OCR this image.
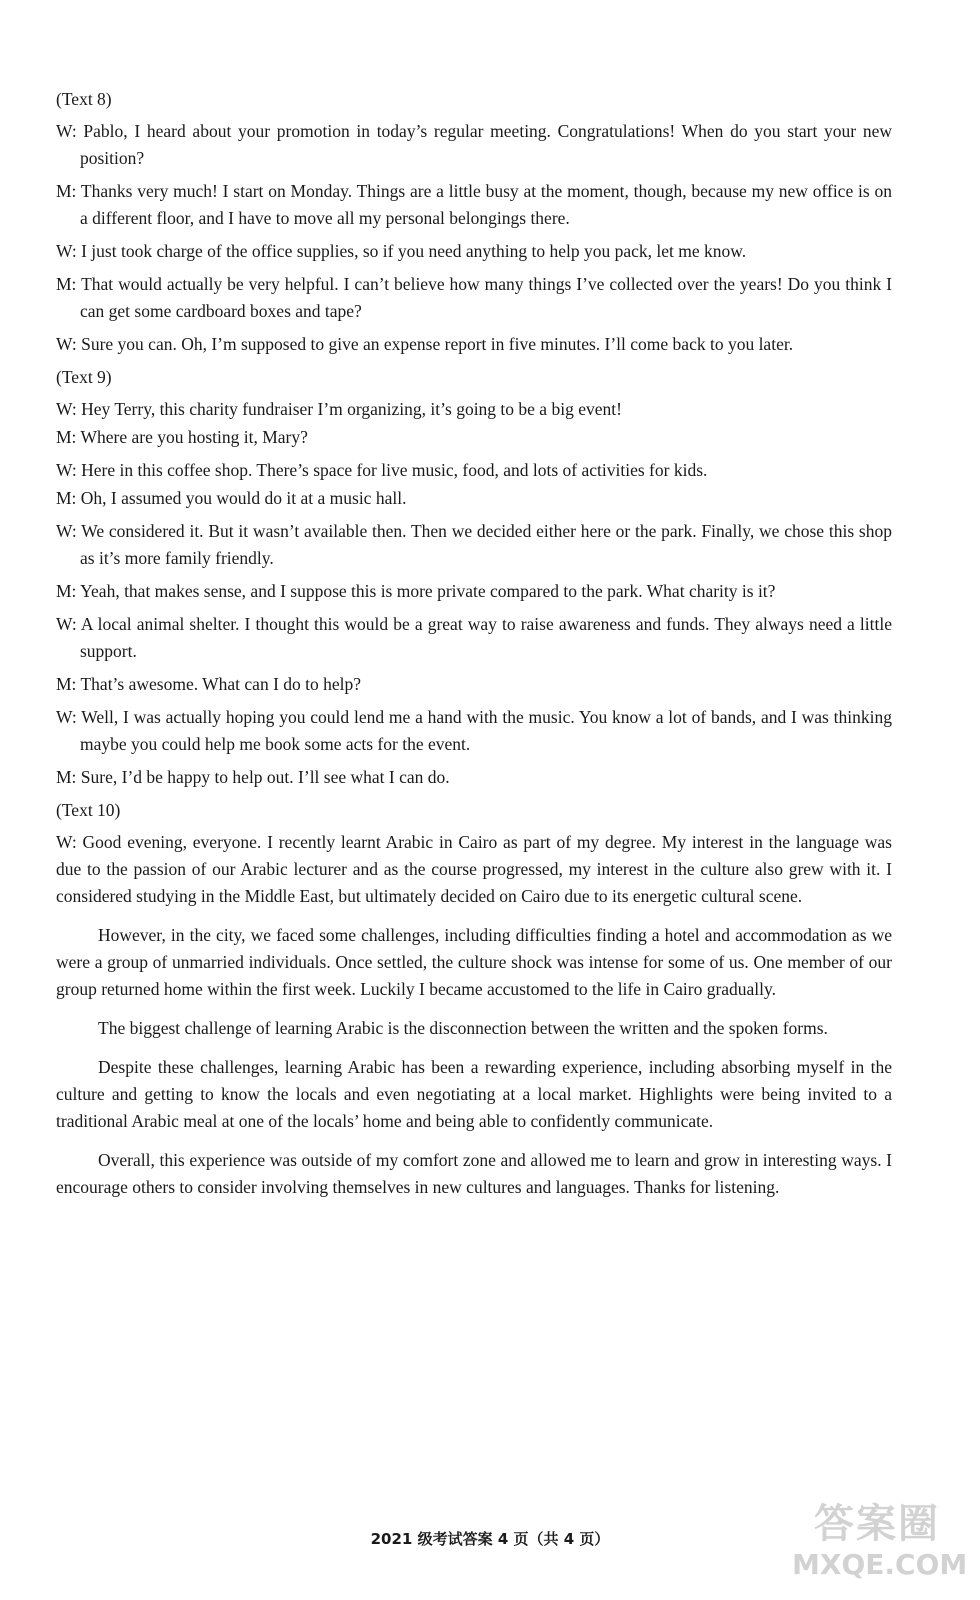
(Text 8)

W: Pablo, I heard about your promotion in today’s regular meeting. Congratulations! When do you start your new position?

M: Thanks very much! I start on Monday. Things are a little busy at the moment, though, because my new office is on a different floor, and I have to move all my personal belongings there.

W: I just took charge of the office supplies, so if you need anything to help you pack, let me know.

M: That would actually be very helpful. I can’t believe how many things I’ve collected over the years! Do you think I can get some cardboard boxes and tape?

W: Sure you can. Oh, I’m supposed to give an expense report in five minutes. I’ll come back to you later.

(Text 9)

W: Hey Terry, this charity fundraiser I’m organizing, it’s going to be a big event!

M: Where are you hosting it, Mary?

W: Here in this coffee shop. There’s space for live music, food, and lots of activities for kids.

M: Oh, I assumed you would do it at a music hall.

W: We considered it. But it wasn’t available then. Then we decided either here or the park. Finally, we chose this shop as it’s more family friendly.

M: Yeah, that makes sense, and I suppose this is more private compared to the park. What charity is it?

W: A local animal shelter. I thought this would be a great way to raise awareness and funds. They always need a little support.

M: That’s awesome. What can I do to help?

W: Well, I was actually hoping you could lend me a hand with the music. You know a lot of bands, and I was thinking maybe you could help me book some acts for the event.

M: Sure, I’d be happy to help out. I’ll see what I can do.

(Text 10)

W: Good evening, everyone. I recently learnt Arabic in Cairo as part of my degree. My interest in the language was due to the passion of our Arabic lecturer and as the course progressed, my interest in the culture also grew with it. I considered studying in the Middle East, but ultimately decided on Cairo due to its energetic cultural scene.

However, in the city, we faced some challenges, including difficulties finding a hotel and accommodation as we were a group of unmarried individuals. Once settled, the culture shock was intense for some of us. One member of our group returned home within the first week. Luckily I became accustomed to the life in Cairo gradually.

The biggest challenge of learning Arabic is the disconnection between the written and the spoken forms.

Despite these challenges, learning Arabic has been a rewarding experience, including absorbing myself in the culture and getting to know the locals and even negotiating at a local market. Highlights were being invited to a traditional Arabic meal at one of the locals’ home and being able to confidently communicate.

Overall, this experience was outside of my comfort zone and allowed me to learn and grow in interesting ways. I encourage others to consider involving themselves in new cultures and languages. Thanks for listening.

2021 级考试答案 4 页（共 4 页）	答案圈
MXQE.COM
